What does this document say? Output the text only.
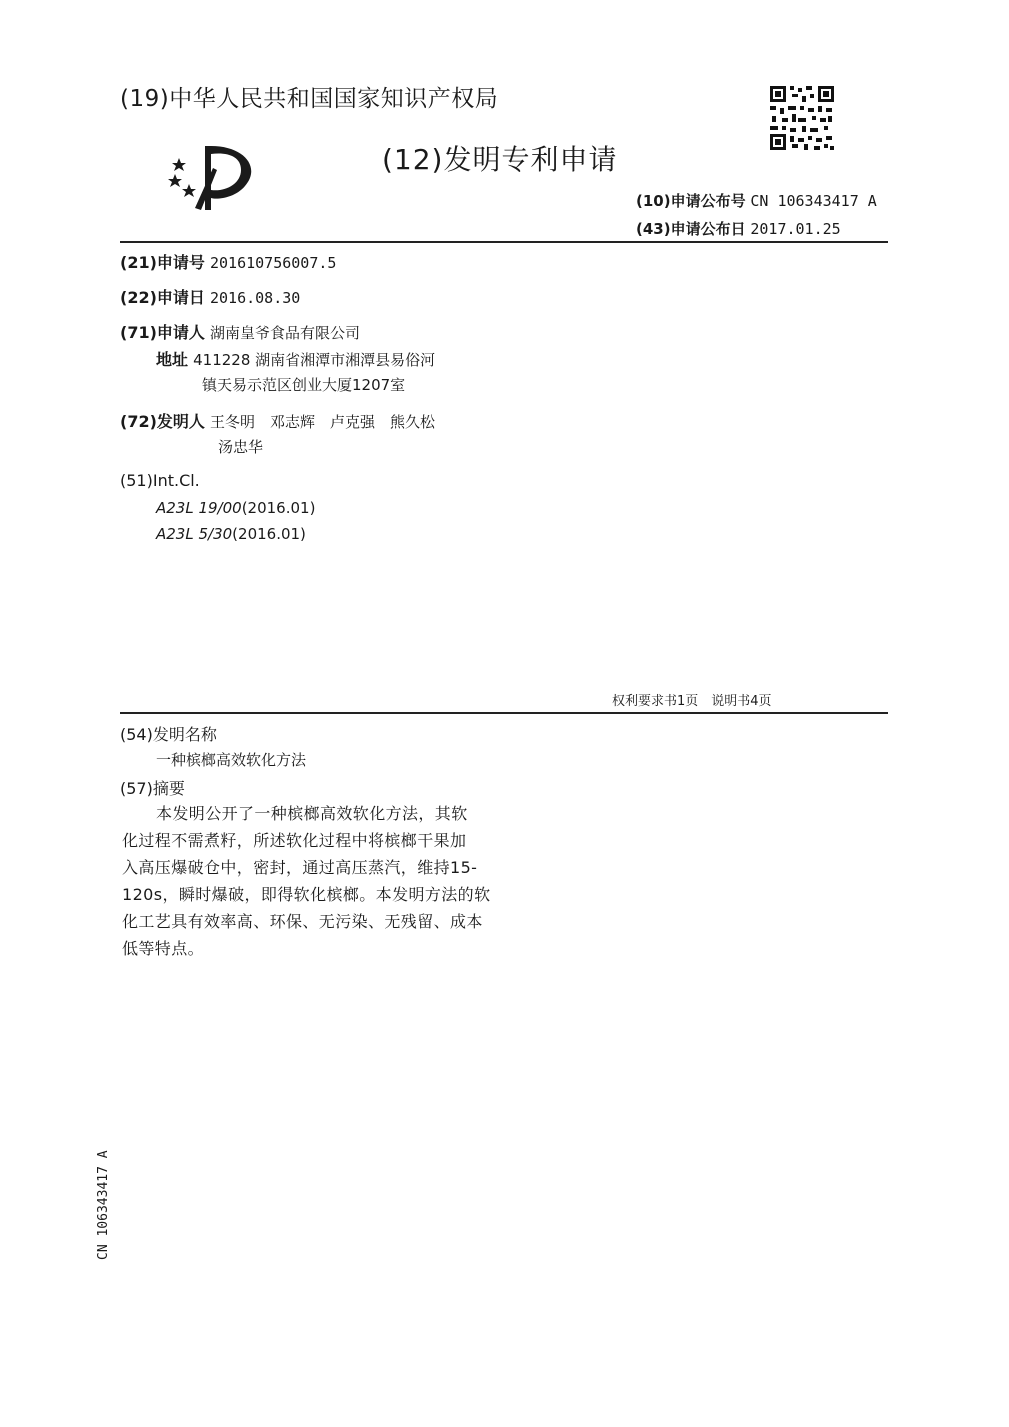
(19)中华人民共和国国家知识产权局
(12)发明专利申请
(10)申请公布号 CN 106343417 A
(43)申请公布日 2017.01.25
(21)申请号 201610756007.5
(22)申请日 2016.08.30
(71)申请人 湖南皇爷食品有限公司
地址 411228 湖南省湘潭市湘潭县易俗河
镇天易示范区创业大厦1207室
(72)发明人 王冬明　邓志辉　卢克强　熊久松
汤忠华
(51)Int.Cl.
A23L 19/00(2016.01)
A23L 5/30(2016.01)
权利要求书1页　说明书4页
(54)发明名称
一种槟榔高效软化方法
(57)摘要
本发明公开了一种槟榔高效软化方法，其软
化过程不需煮籽，所述软化过程中将槟榔干果加
入高压爆破仓中，密封，通过高压蒸汽，维持15-
120s，瞬时爆破，即得软化槟榔。本发明方法的软
化工艺具有效率高、环保、无污染、无残留、成本
低等特点。
CN 106343417 A
